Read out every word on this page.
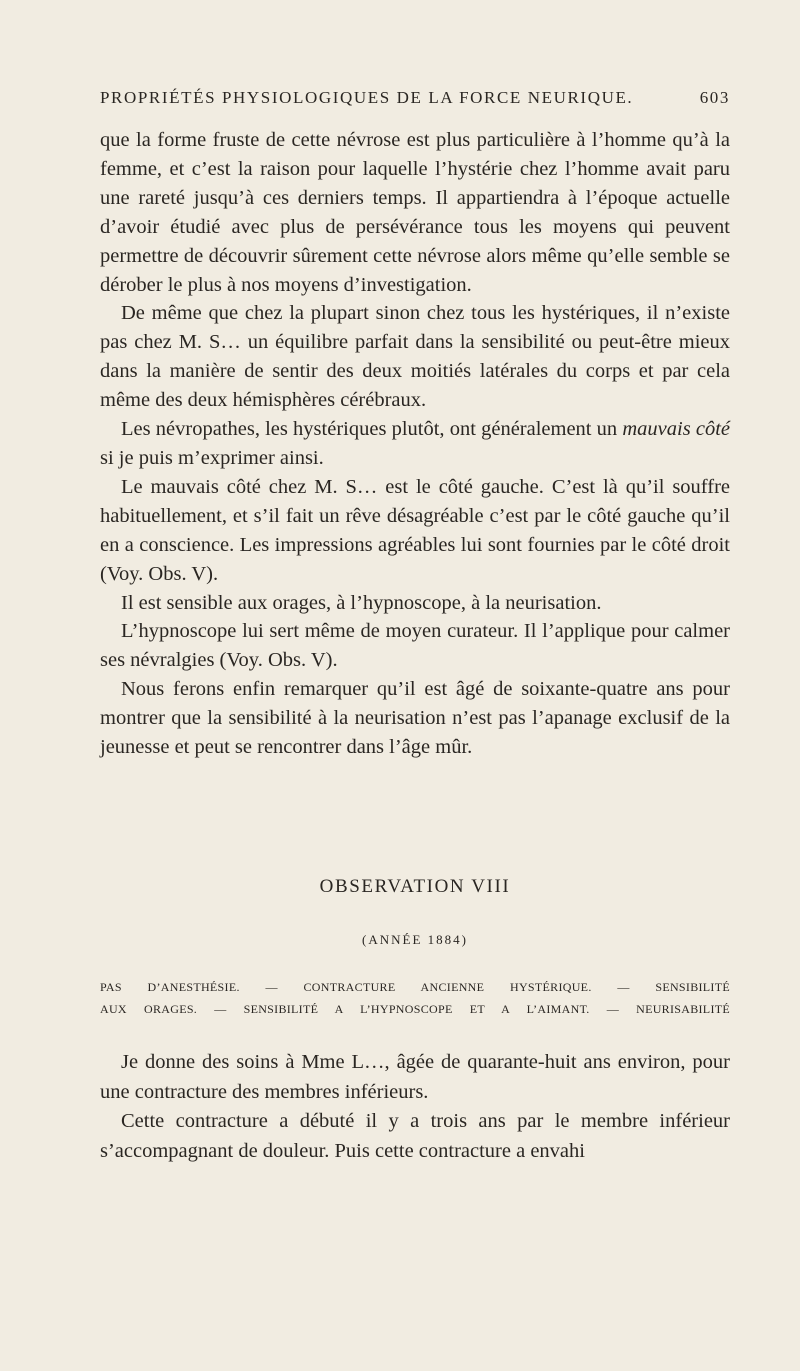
PROPRIÉTÉS PHYSIOLOGIQUES DE LA FORCE NEURIQUE.	603

que la forme fruste de cette névrose est plus particulière à l’homme qu’à la femme, et c’est la raison pour laquelle l’hystérie chez l’homme avait paru une rareté jusqu’à ces derniers temps. Il appartiendra à l’époque actuelle d’avoir étudié avec plus de persévérance tous les moyens qui peuvent permettre de découvrir sûrement cette névrose alors même qu’elle semble se dérober le plus à nos moyens d’investigation.

De même que chez la plupart sinon chez tous les hystériques, il n’existe pas chez M. S… un équilibre parfait dans la sensibilité ou peut-être mieux dans la manière de sentir des deux moitiés latérales du corps et par cela même des deux hémisphères cérébraux.

Les névropathes, les hystériques plutôt, ont généralement un mauvais côté si je puis m’exprimer ainsi.

Le mauvais côté chez M. S… est le côté gauche. C’est là qu’il souffre habituellement, et s’il fait un rêve désagréable c’est par le côté gauche qu’il en a conscience. Les impressions agréables lui sont fournies par le côté droit (Voy. Obs. V).

Il est sensible aux orages, à l’hypnoscope, à la neurisation.

L’hypnoscope lui sert même de moyen curateur. Il l’applique pour calmer ses névralgies (Voy. Obs. V).

Nous ferons enfin remarquer qu’il est âgé de soixante-quatre ans pour montrer que la sensibilité à la neurisation n’est pas l’apanage exclusif de la jeunesse et peut se rencontrer dans l’âge mûr.

OBSERVATION VIII
(ANNÉE 1884)
PAS D’ANESTHÉSIE. — CONTRACTURE ANCIENNE HYSTÉRIQUE. — SENSIBILITÉ
AUX ORAGES. — SENSIBILITÉ A L’HYPNOSCOPE ET A L’AIMANT. — NEURISABILITÉ

Je donne des soins à Mme L…, âgée de quarante-huit ans environ, pour une contracture des membres inférieurs.

Cette contracture a débuté il y a trois ans par le membre inférieur s’accompagnant de douleur. Puis cette contracture a envahi
